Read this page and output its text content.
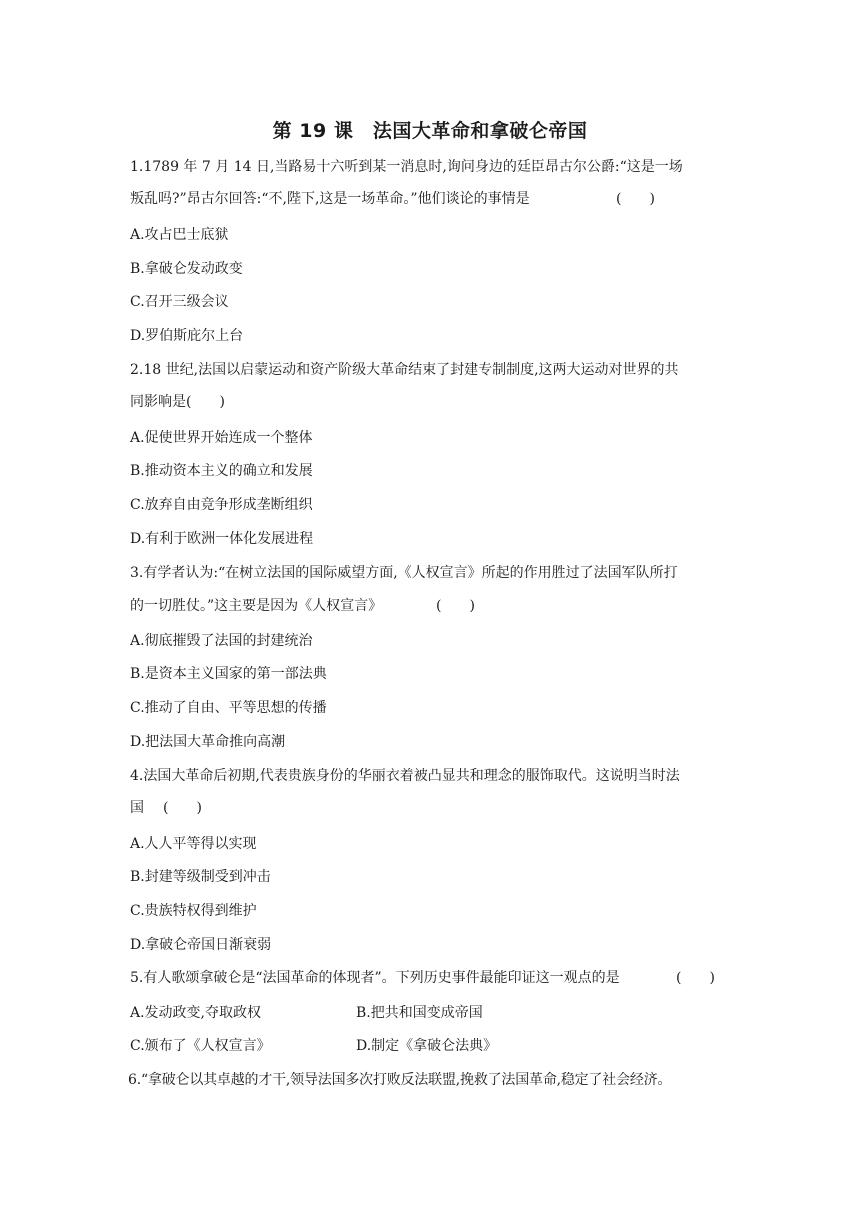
第 19 课　法国大革命和拿破仑帝国
1.1789 年 7 月 14 日,当路易十六听到某一消息时,询问身边的廷臣昂古尔公爵:“这是一场
叛乱吗?”昂古尔回答:“不,陛下,这是一场革命。”他们谈论的事情是	(　　)
A.攻占巴士底狱
B.拿破仑发动政变
C.召开三级会议
D.罗伯斯庇尔上台
2.18 世纪,法国以启蒙运动和资产阶级大革命结束了封建专制制度,这两大运动对世界的共
同影响是(　　)
A.促使世界开始连成一个整体
B.推动资本主义的确立和发展
C.放弃自由竞争形成垄断组织
D.有利于欧洲一体化发展进程
3.有学者认为:“在树立法国的国际威望方面,《人权宣言》所起的作用胜过了法国军队所打
的一切胜仗。”这主要是因为《人权宣言》	(　　)
A.彻底摧毁了法国的封建统治
B.是资本主义国家的第一部法典
C.推动了自由、平等思想的传播
D.把法国大革命推向高潮
4.法国大革命后初期,代表贵族身份的华丽衣着被凸显共和理念的服饰取代。这说明当时法
国 (　　)
A.人人平等得以实现
B.封建等级制受到冲击
C.贵族特权得到维护
D.拿破仑帝国日渐衰弱
5.有人歌颂拿破仑是“法国革命的体现者”。下列历史事件最能印证这一观点的是	(　　)
A.发动政变,夺取政权	B.把共和国变成帝国
C.颁布了《人权宣言》	D.制定《拿破仑法典》
6.“拿破仑以其卓越的才干,领导法国多次打败反法联盟,挽救了法国革命,稳定了社会经济。
